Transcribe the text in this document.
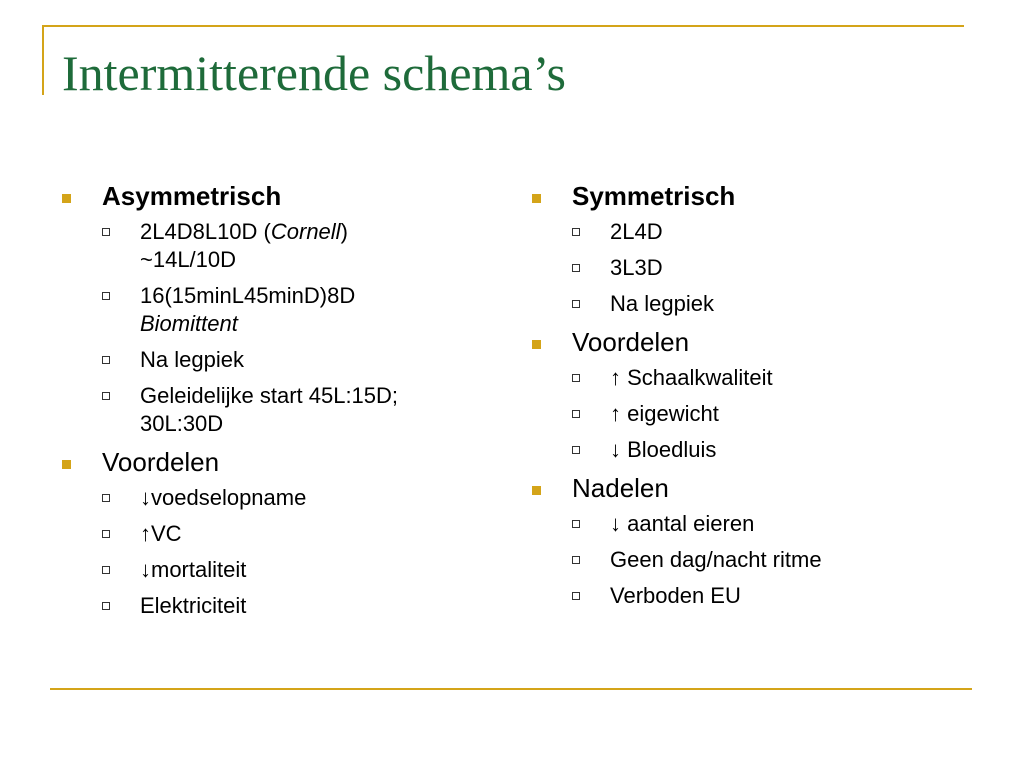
Intermitterende schema’s
Asymmetrisch
2L4D8L10D (Cornell)
~14L/10D
16(15minL45minD)8D
Biomittent
Na legpiek
Geleidelijke start 45L:15D;
30L:30D
Voordelen
↓voedselopname
↑VC
↓mortaliteit
Elektriciteit
Symmetrisch
2L4D
3L3D
Na legpiek
Voordelen
↑ Schaalkwaliteit
↑ eigewicht
↓ Bloedluis
Nadelen
↓ aantal eieren
Geen dag/nacht ritme
Verboden EU
